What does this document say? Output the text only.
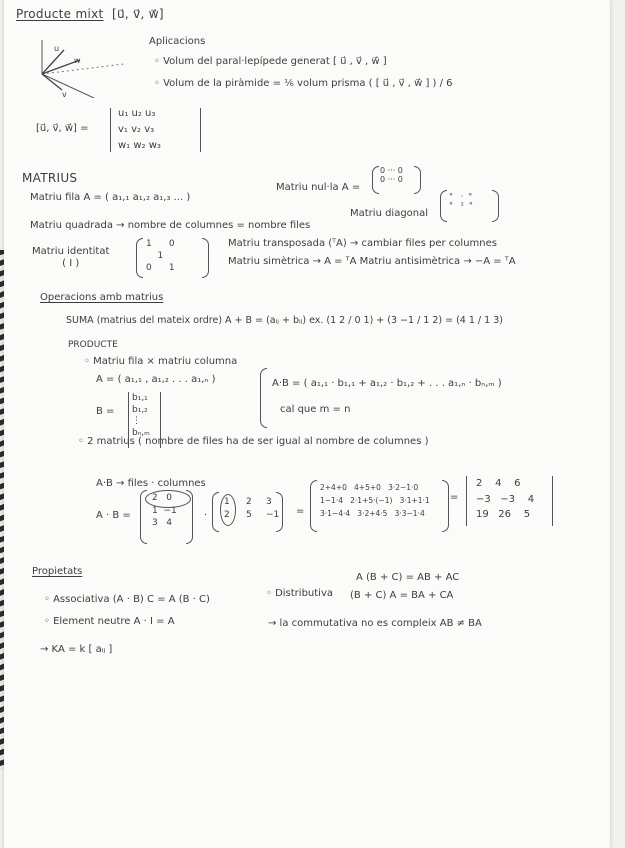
Producte mixt [u⃗, v⃗, w⃗]
u
w
v
Aplicacions
◦ Volum del paral·lepípede generat [ u⃗ , v⃗ , w⃗ ]
◦ Volum de la piràmide = ⅙ volum prisma ( [ u⃗ , v⃗ , w⃗ ] ) / 6
[u⃗, v⃗, w⃗] =
u₁ u₂ u₃
v₁ v₂ v₃
w₁ w₂ w₃
MATRIUS
Matriu fila A = ( a₁,₁ a₁,₂ a₁,₃ ... )
Matriu nul·la A =
0 ··· 0
0 ··· 0
Matriu quadrada → nombre de columnes = nombre files
Matriu diagonal
°   ·  °
°   ²  °
Matriu identitat
( I )
1      0
1
0      1
Matriu transposada (ᵀA) → cambiar files per columnes
Matriu simètrica → A = ᵀA Matriu antisimètrica → −A = ᵀA
Operacions amb matrius
SUMA (matrius del mateix ordre) A + B = (aᵢⱼ + bᵢⱼ) ex. (1 2 / 0 1) + (3 −1 / 1 2) = (4 1 / 1 3)
PRODUCTE
◦ Matriu fila × matriu columna
A = ( a₁,₁ , a₁,₂ . . . a₁,ₙ )
B =
b₁,₁
b₁,₂
⋮
bₙ,ₘ
A·B = ( a₁,₁ · b₁,₁ + a₁,₂ · b₁,₂ + . . . a₁,ₙ · bₙ,ₘ )
cal que m = n
◦ 2 matrius ( nombre de files ha de ser igual al nombre de columnes )
A·B → files · columnes
A · B =
2   0
1  −1
3   4
·
1
2
2
5
3
−1 =
2+4+0   4+5+0   3·2−1·0
1−1·4   2·1+5·(−1)   3·1+1·1
3·1−4·4   3·2+4·5   3·3−1·4
=
2    4    6
−3   −3    4
19   26    5
Propietats
◦ Associativa (A · B) C = A (B · C)
◦ Distributiva
A (B + C) = AB + AC
(B + C) A = BA + CA
◦ Element neutre A · I = A	→ la commutativa no es compleix AB ≠ BA
→ KA = k [ aᵢⱼ ]
